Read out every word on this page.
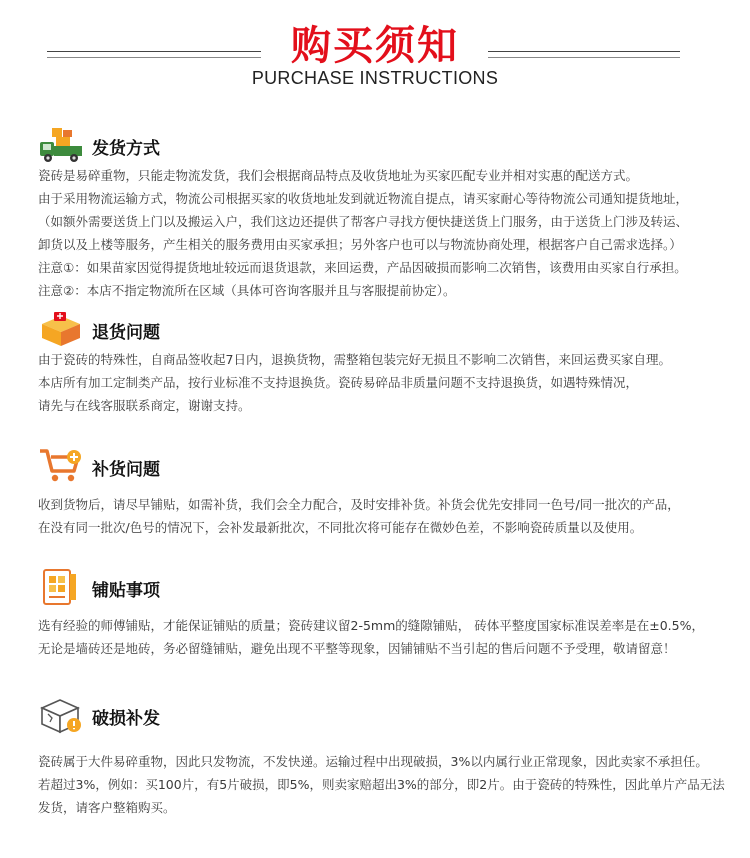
购买须知
PURCHASE INSTRUCTIONS
发货方式

瓷砖是易碎重物，只能走物流发货，我们会根据商品特点及收货地址为买家匹配专业并相对实惠的配送方式。

由于采用物流运输方式，物流公司根据买家的收货地址发到就近物流自提点，请买家耐心等待物流公司通知提货地址，

（如额外需要送货上门以及搬运入户，我们这边还提供了帮客户寻找方便快捷送货上门服务，由于送货上门涉及转运、

卸货以及上楼等服务，产生相关的服务费用由买家承担；另外客户也可以与物流协商处理，根据客户自己需求选择。）

注意①：如果苗家因觉得提货地址较远而退货退款，来回运费，产品因破损而影响二次销售，该费用由买家自行承担。

注意②：本店不指定物流所在区域（具体可咨询客服并且与客服提前协定）。

退货问题

由于瓷砖的特殊性，自商品签收起7日内，退换货物，需整箱包装完好无损且不影响二次销售，来回运费买家自理。

本店所有加工定制类产品，按行业标准不支持退换货。瓷砖易碎品非质量问题不支持退换货，如遇特殊情况，

请先与在线客服联系商定，谢谢支持。

补货问题

收到货物后，请尽早铺贴，如需补货，我们会全力配合，及时安排补货。补货会优先安排同一色号/同一批次的产品，

在没有同一批次/色号的情况下，会补发最新批次，不同批次将可能存在微妙色差，不影响瓷砖质量以及使用。

铺贴事项

选有经验的师傅铺贴，才能保证铺贴的质量；瓷砖建议留2-5mm的缝隙铺贴， 砖体平整度国家标准误差率是在±0.5%，

无论是墙砖还是地砖，务必留缝铺贴，避免出现不平整等现象，因铺铺贴不当引起的售后问题不予受理，敬请留意！

破损补发

瓷砖属于大件易碎重物，因此只发物流，不发快递。运输过程中出现破损，3%以内属行业正常现象，因此卖家不承担任。

若超过3%，例如：买100片，有5片破损，即5%，则卖家赔超出3%的部分，即2片。由于瓷砖的特殊性，因此单片产品无法

发货，请客户整箱购买。
